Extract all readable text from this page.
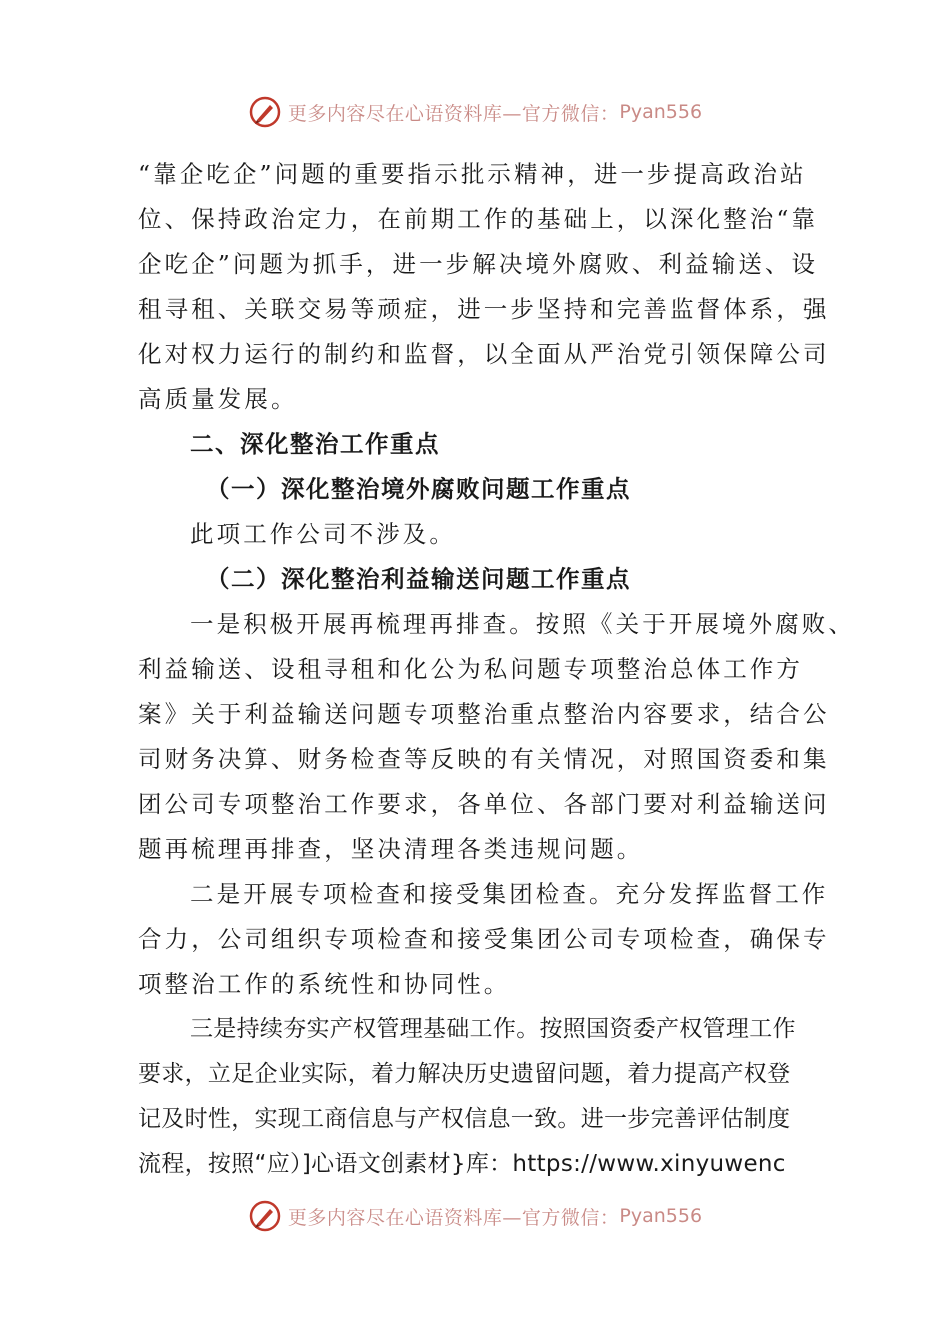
更多内容尽在心语资料库—官方微信： Pyan556
“靠企吃企”问题的重要指示批示精神，进一步提高政治站
位、保持政治定力，在前期工作的基础上，以深化整治“靠
企吃企”问题为抓手，进一步解决境外腐败、利益输送、设
租寻租、关联交易等顽症，进一步坚持和完善监督体系，强
化对权力运行的制约和监督，以全面从严治党引领保障公司
高质量发展。
二、深化整治工作重点
（一）深化整治境外腐败问题工作重点
此项工作公司不涉及。
（二）深化整治利益输送问题工作重点
一是积极开展再梳理再排查。按照《关于开展境外腐败、
利益输送、设租寻租和化公为私问题专项整治总体工作方
案》关于利益输送问题专项整治重点整治内容要求，结合公
司财务决算、财务检查等反映的有关情况，对照国资委和集
团公司专项整治工作要求，各单位、各部门要对利益输送问
题再梳理再排查，坚决清理各类违规问题。
二是开展专项检查和接受集团检查。充分发挥监督工作
合力，公司组织专项检查和接受集团公司专项检查，确保专
项整治工作的系统性和协同性。
三是持续夯实产权管理基础工作。按照国资委产权管理工作
要求，立足企业实际，着力解决历史遗留问题，着力提高产权登
记及时性，实现工商信息与产权信息一致。进一步完善评估制度
流程，按照“应）]心语文创素材}库：https://www.xinyuwenc
更多内容尽在心语资料库—官方微信： Pyan556
